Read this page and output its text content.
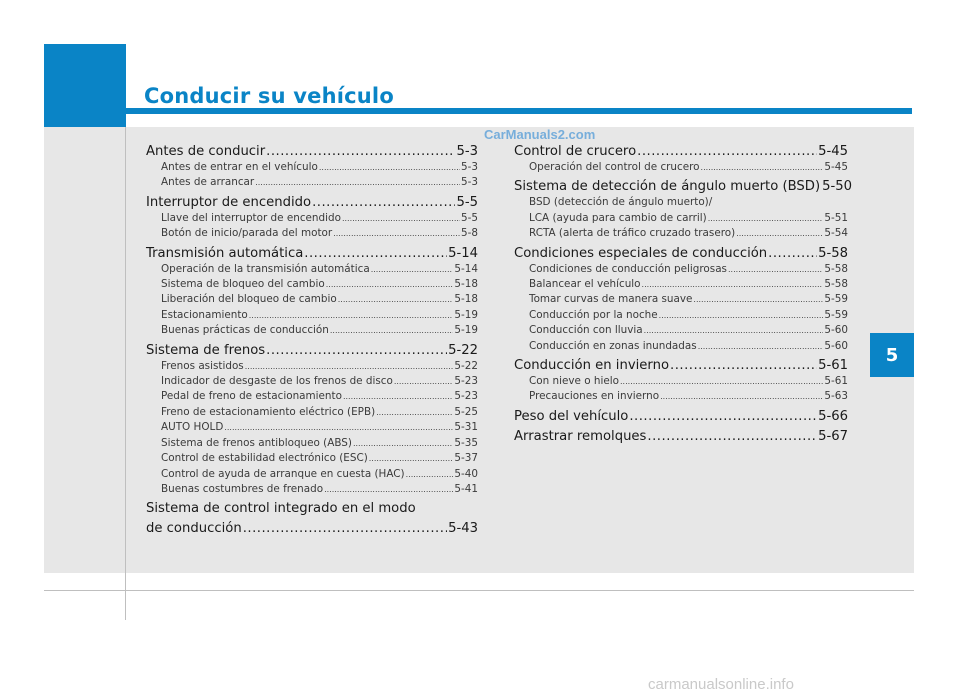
Conducir su vehículo
CarManuals2.com
Antes de conducir .....	5-3
Antes de entrar en el vehículo .....	5-3
Antes de arrancar .....	5-3
Interruptor de encendido .....	5-5
Llave del interruptor de encendido .....	5-5
Botón de inicio/parada del motor .....	5-8
Transmisión automática .....	5-14
Operación de la transmisión automática .....	5-14
Sistema de bloqueo del cambio .....	5-18
Liberación del bloqueo de cambio .....	5-18
Estacionamiento .....	5-19
Buenas prácticas de conducción .....	5-19
Sistema de frenos .....	5-22
Frenos asistidos .....	5-22
Indicador de desgaste de los frenos de disco .....	5-23
Pedal de freno de estacionamiento .....	5-23
Freno de estacionamiento eléctrico (EPB) .....	5-25
AUTO HOLD .....	5-31
Sistema de frenos antibloqueo (ABS) .....	5-35
Control de estabilidad electrónico (ESC) .....	5-37
Control de ayuda de arranque en cuesta (HAC) .....	5-40
Buenas costumbres de frenado .....	5-41
Sistema de control integrado en el modo
de conducción .....	5-43
Control de crucero .....	5-45
Operación del control de crucero .....	5-45
Sistema de detección de ángulo muerto (BSD) 5-50
BSD (detección de ángulo muerto)/
LCA (ayuda para cambio de carril) .....	5-51
RCTA (alerta de tráfico cruzado trasero) .....	5-54
Condiciones especiales de conducción .....	5-58
Condiciones de conducción peligrosas .....	5-58
Balancear el vehículo .....	5-58
Tomar curvas de manera suave .....	5-59
Conducción por la noche .....	5-59
Conducción con lluvia .....	5-60
Conducción en zonas inundadas .....	5-60
Conducción en invierno .....	5-61
Con nieve o hielo .....	5-61
Precauciones en invierno .....	5-63
Peso del vehículo .....	5-66
Arrastrar remolques .....	5-67
5
carmanualsonline.info
